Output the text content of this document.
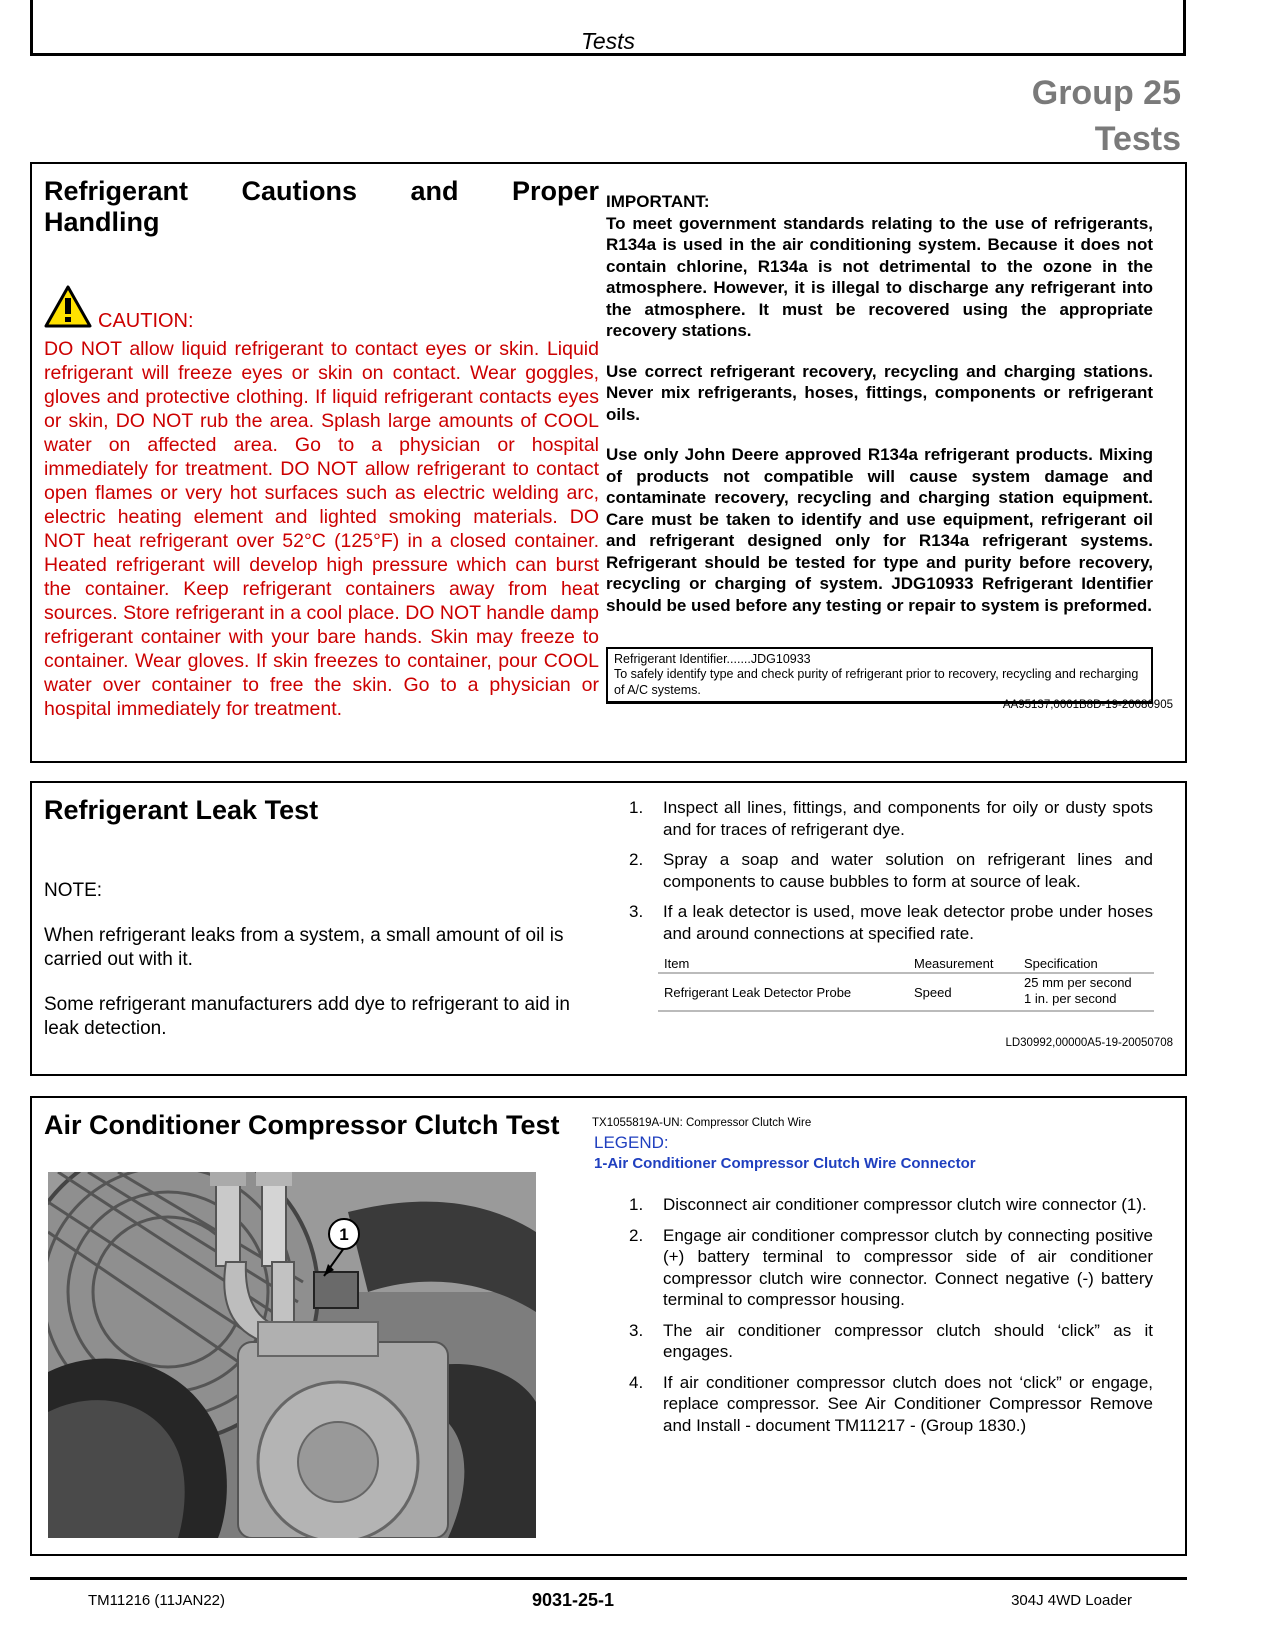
Tests
Group 25
Tests
Refrigerant Cautions and Proper
Handling
CAUTION:
DO NOT allow liquid refrigerant to contact eyes or skin. Liquid refrigerant will freeze eyes or skin on contact. Wear goggles, gloves and protective clothing. If liquid refrigerant contacts eyes or skin, DO NOT rub the area. Splash large amounts of COOL water on affected area. Go to a physician or hospital immediately for treatment. DO NOT allow refrigerant to contact open flames or very hot surfaces such as electric welding arc, electric heating element and lighted smoking materials. DO NOT heat refrigerant over 52°C (125°F) in a closed container. Heated refrigerant will develop high pressure which can burst the container. Keep refrigerant containers away from heat sources. Store refrigerant in a cool place. DO NOT handle damp refrigerant container with your bare hands. Skin may freeze to container. Wear gloves. If skin freezes to container, pour COOL water over container to free the skin. Go to a physician or hospital immediately for treatment.
IMPORTANT:
To meet government standards relating to the use of refrigerants, R134a is used in the air conditioning system. Because it does not contain chlorine, R134a is not detrimental to the ozone in the atmosphere. However, it is illegal to discharge any refrigerant into the atmosphere. It must be recovered using the appropriate recovery stations.
Use correct refrigerant recovery, recycling and charging stations. Never mix refrigerants, hoses, fittings, components or refrigerant oils.
Use only John Deere approved R134a refrigerant products. Mixing of products not compatible will cause system damage and contaminate recovery, recycling and charging station equipment. Care must be taken to identify and use equipment, refrigerant oil and refrigerant designed only for R134a refrigerant systems. Refrigerant should be tested for type and purity before recovery, recycling or charging of system. JDG10933 Refrigerant Identifier should be used before any testing or repair to system is preformed.
Refrigerant Identifier.......JDG10933
To safely identify type and check purity of refrigerant prior to recovery, recycling and recharging of A/C systems.
AA95137,0001B8D-19-20080905
Refrigerant Leak Test
NOTE:
When refrigerant leaks from a system, a small amount of oil is carried out with it.
Some refrigerant manufacturers add dye to refrigerant to aid in leak detection.
1. Inspect all lines, fittings, and components for oily or dusty spots and for traces of refrigerant dye.
2. Spray a soap and water solution on refrigerant lines and components to cause bubbles to form at source of leak.
3. If a leak detector is used, move leak detector probe under hoses and around connections at specified rate.
Item	Measurement	Specification
Refrigerant Leak Detector Probe	Speed	25 mm per second
1 in. per second
LD30992,00000A5-19-20050708
Air Conditioner Compressor Clutch Test
1
TX1055819A-UN: Compressor Clutch Wire
LEGEND:
1-Air Conditioner Compressor Clutch Wire Connector
1. Disconnect air conditioner compressor clutch wire connector (1).
2. Engage air conditioner compressor clutch by connecting positive (+) battery terminal to compressor side of air conditioner compressor clutch wire connector. Connect negative (-) battery terminal to compressor housing.
3. The air conditioner compressor clutch should ‘click” as it engages.
4. If air conditioner compressor clutch does not ‘click” or engage, replace compressor. See Air Conditioner Compressor Remove and Install - document TM11217 - (Group 1830.)
TM11216 (11JAN22)	9031-25-1	304J 4WD Loader
